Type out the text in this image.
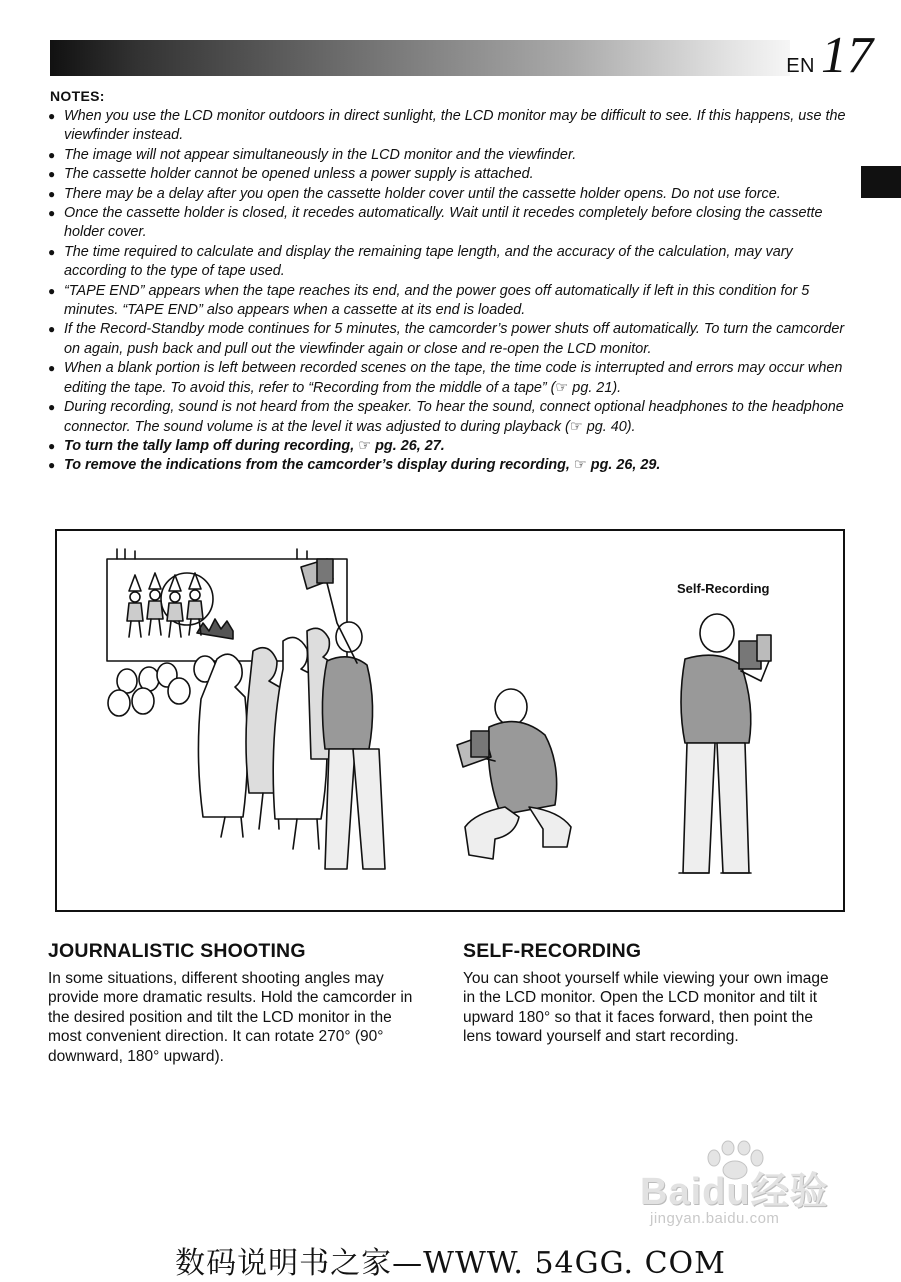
EN 17
NOTES:
● When you use the LCD monitor outdoors in direct sunlight, the LCD monitor may be difficult to see. If this happens, use the viewfinder instead.
● The image will not appear simultaneously in the LCD monitor and the viewfinder.
● The cassette holder cannot be opened unless a power supply is attached.
● There may be a delay after you open the cassette holder cover until the cassette holder opens. Do not use force.
● Once the cassette holder is closed, it recedes automatically. Wait until it recedes completely before closing the cassette holder cover.
● The time required to calculate and display the remaining tape length, and the accuracy of the calculation, may vary according to the type of tape used.
● “TAPE END” appears when the tape reaches its end, and the power goes off automatically if left in this condition for 5 minutes. “TAPE END” also appears when a cassette at its end is loaded.
● If the Record-Standby mode continues for 5 minutes, the camcorder’s power shuts off automatically. To turn the camcorder on again, push back and pull out the viewfinder again or close and re-open the LCD monitor.
● When a blank portion is left between recorded scenes on the tape, the time code is interrupted and errors may occur when editing the tape. To avoid this, refer to “Recording from the middle of a tape” (☞ pg. 21).
● During recording, sound is not heard from the speaker. To hear the sound, connect optional headphones to the headphone connector. The sound volume is at the level it was adjusted to during playback (☞ pg. 40).
● To turn the tally lamp off during recording, ☞ pg. 26, 27.
● To remove the indications from the camcorder’s display during recording, ☞ pg. 26, 29.
Self-Recording
JOURNALISTIC SHOOTING

In some situations, different shooting angles may provide more dramatic results. Hold the camcorder in the desired position and tilt the LCD monitor in the most convenient direction. It can rotate 270° (90° downward, 180° upward).

SELF-RECORDING

You can shoot yourself while viewing your own image in the LCD monitor. Open the LCD monitor and tilt it upward 180° so that it faces forward, then point the lens toward yourself and start recording.

Baidu经验
jingyan.baidu.com
数码说明书之家—WWW. 54GG. COM
